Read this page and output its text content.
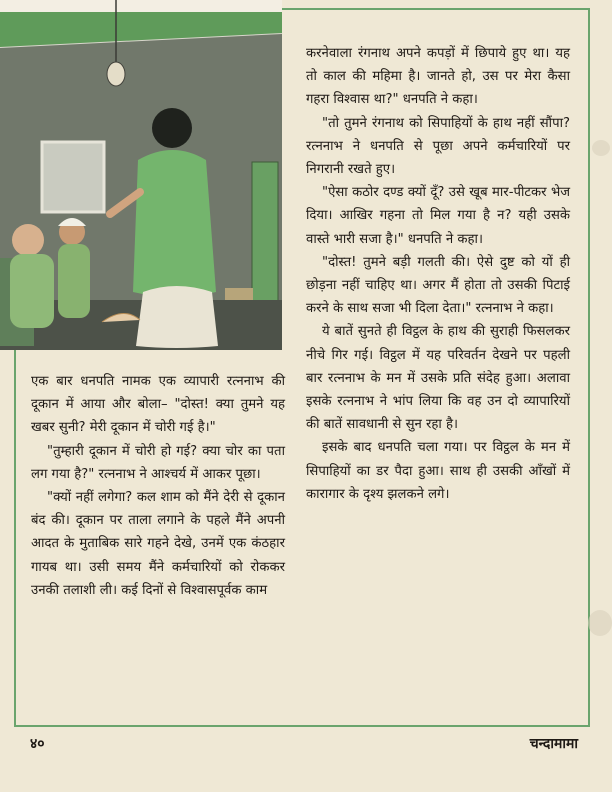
करनेवाला रंगनाथ अपने कपड़ों में छिपाये हुए था। यह तो काल की महिमा है। जानते हो, उस पर मेरा कैसा गहरा विश्वास था?" धनपति ने कहा।

"तो तुमने रंगनाथ को सिपाहियों के हाथ नहीं सौंपा? रत्ननाभ ने धनपति से पूछा अपने कर्मचारियों पर निगरानी रखते हुए।

"ऐसा कठोर दण्ड क्यों दूँ? उसे खूब मार-पीटकर भेज दिया। आखिर गहना तो मिल गया है न? यही उसके वास्ते भारी सजा है।" धनपति ने कहा।

"दोस्त! तुमने बड़ी गलती की। ऐसे दुष्ट को यों ही छोड़ना नहीं चाहिए था। अगर मैं होता तो उसकी पिटाई करने के साथ सजा भी दिला देता।" रत्ननाभ ने कहा।

ये बातें सुनते ही विट्ठल के हाथ की सुराही फिसलकर नीचे गिर गई। विट्ठल में यह परिवर्तन देखने पर पहली बार रत्ननाभ के मन में उसके प्रति संदेह हुआ। अलावा इसके रत्ननाभ ने भांप लिया कि वह उन दो व्यापारियों की बातें सावधानी से सुन रहा है।

इसके बाद धनपति चला गया। पर विट्ठल के मन में सिपाहियों का डर पैदा हुआ। साथ ही उसकी आँखों में कारागार के दृश्य झलकने लगे।

एक बार धनपति नामक एक व्यापारी रत्ननाभ की दूकान में आया और बोला– "दोस्त! क्या तुमने यह खबर सुनी? मेरी दूकान में चोरी गई है।"

"तुम्हारी दूकान में चोरी हो गई? क्या चोर का पता लग गया है?" रत्ननाभ ने आश्चर्य में आकर पूछा।

"क्यों नहीं लगेगा? कल शाम को मैंने देरी से दूकान बंद की। दूकान पर ताला लगाने के पहले मैंने अपनी आदत के मुताबिक सारे गहने देखे, उनमें एक कंठहार गायब था। उसी समय मैंने कर्मचारियों को रोककर उनकी तलाशी ली। कई दिनों से विश्वासपूर्वक काम

४०	चन्दामामा
